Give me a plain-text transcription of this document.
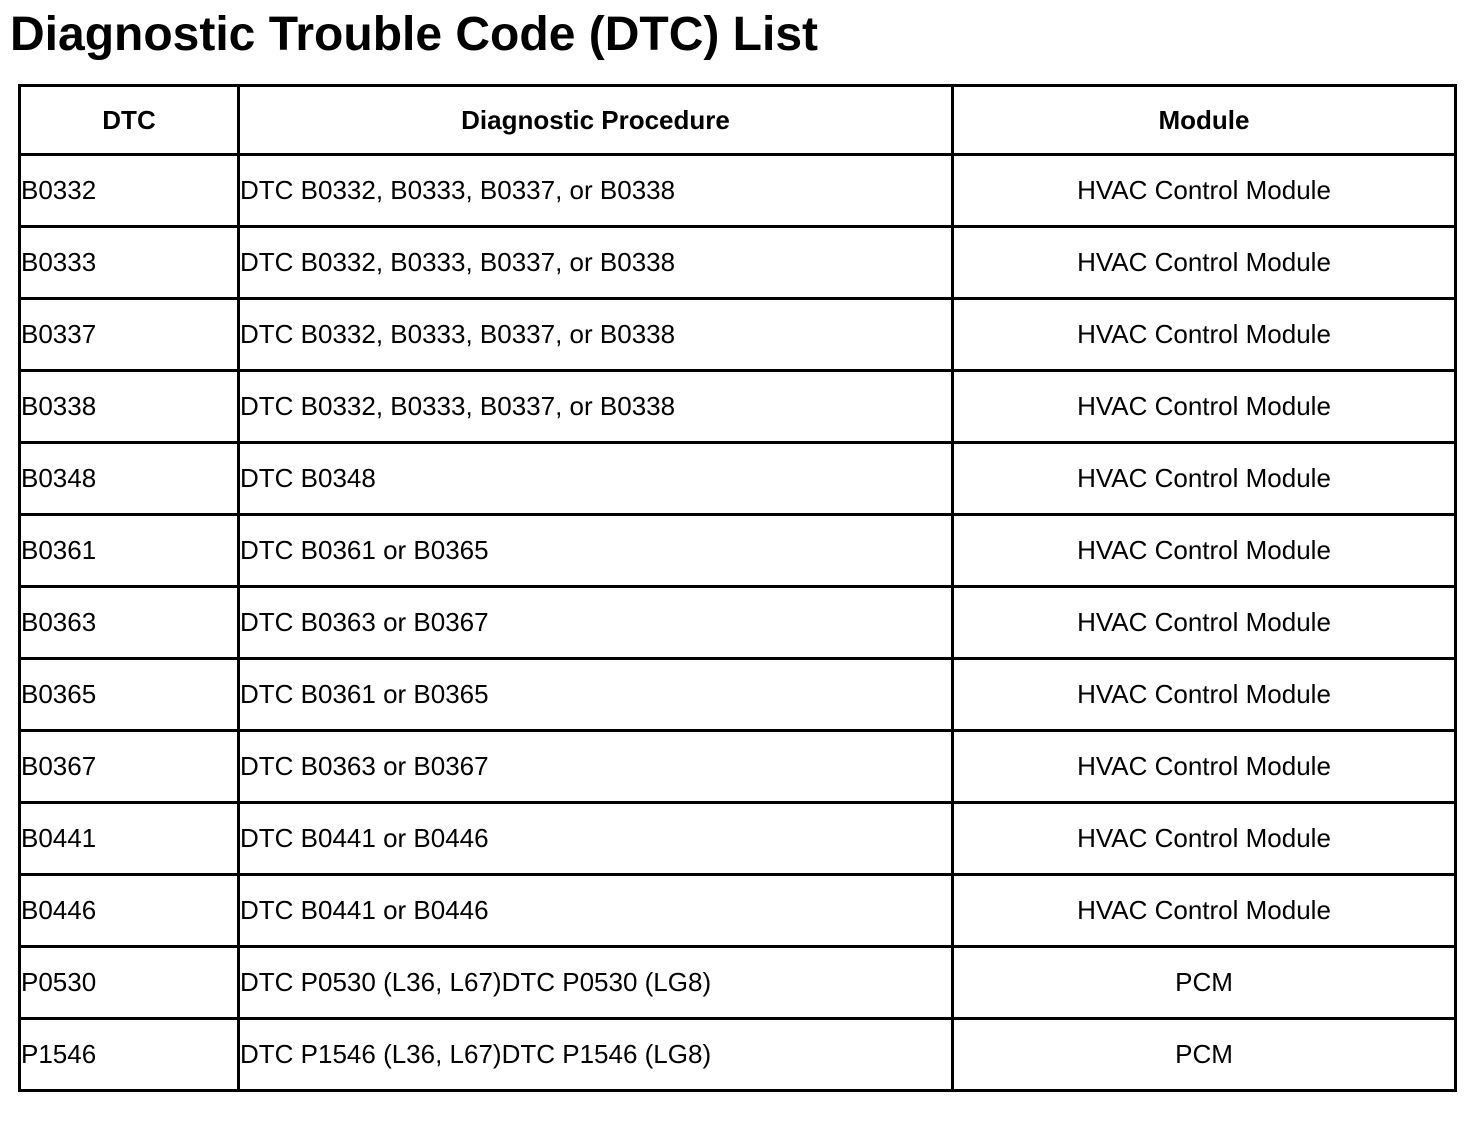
Diagnostic Trouble Code (DTC) List
DTC	Diagnostic Procedure	Module
B0332	DTC B0332, B0333, B0337, or B0338	HVAC Control Module
B0333	DTC B0332, B0333, B0337, or B0338	HVAC Control Module
B0337	DTC B0332, B0333, B0337, or B0338	HVAC Control Module
B0338	DTC B0332, B0333, B0337, or B0338	HVAC Control Module
B0348	DTC B0348	HVAC Control Module
B0361	DTC B0361 or B0365	HVAC Control Module
B0363	DTC B0363 or B0367	HVAC Control Module
B0365	DTC B0361 or B0365	HVAC Control Module
B0367	DTC B0363 or B0367	HVAC Control Module
B0441	DTC B0441 or B0446	HVAC Control Module
B0446	DTC B0441 or B0446	HVAC Control Module
P0530	DTC P0530 (L36, L67)DTC P0530 (LG8)	PCM
P1546	DTC P1546 (L36, L67)DTC P1546 (LG8)	PCM
